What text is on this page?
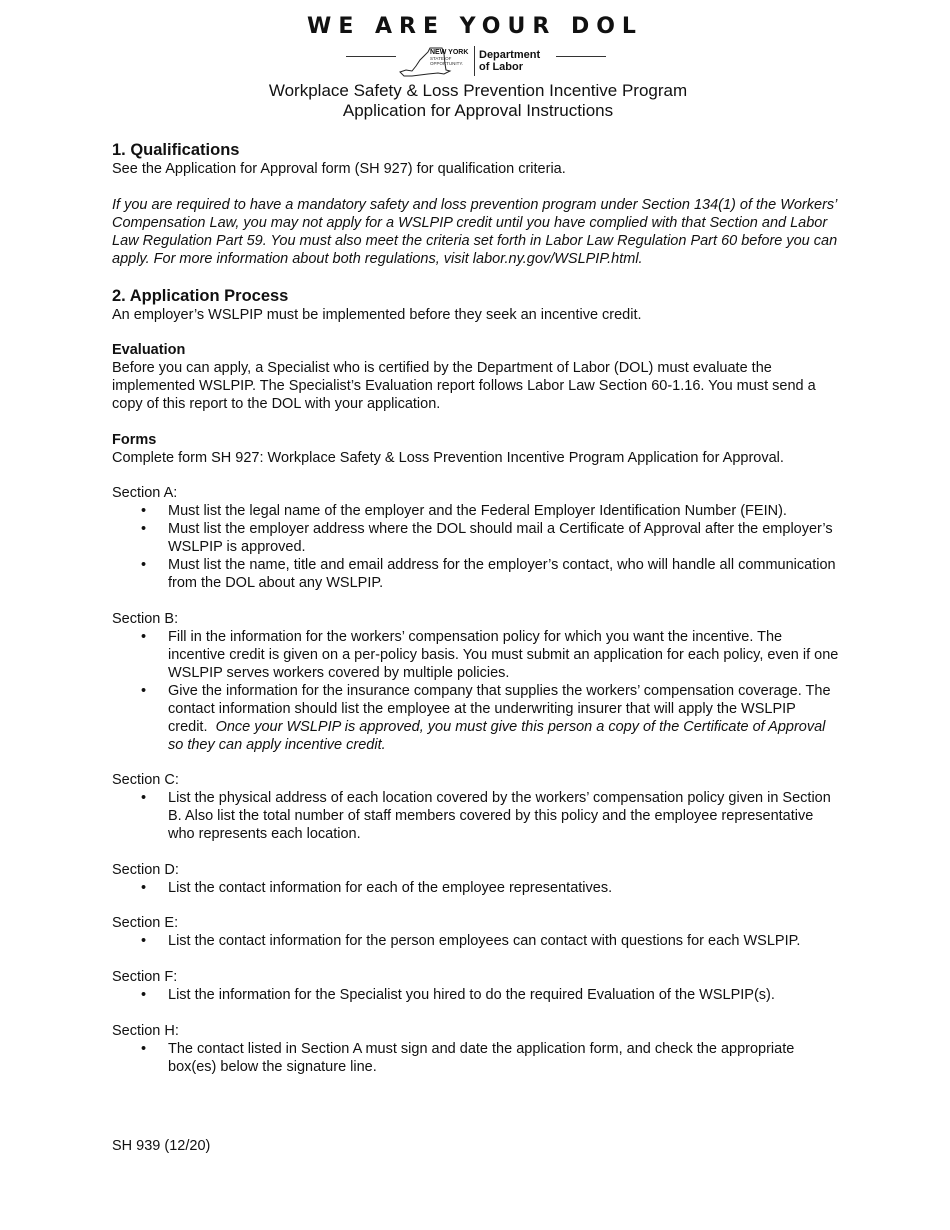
WE ARE YOUR DOL
NEW YORK
STATE OF
OPPORTUNITY.
Department
of Labor
Workplace Safety & Loss Prevention Incentive Program
Application for Approval Instructions
1. Qualifications

See the Application for Approval form (SH 927) for qualification criteria.

If you are required to have a mandatory safety and loss prevention program under Section 134(1) of the Workers’ Compensation Law, you may not apply for a WSLPIP credit until you have complied with that Section and Labor Law Regulation Part 59. You must also meet the criteria set forth in Labor Law Regulation Part 60 before you can apply. For more information about both regulations, visit labor.ny.gov/WSLPIP.html.

2. Application Process

An employer’s WSLPIP must be implemented before they seek an incentive credit.

Evaluation

Before you can apply, a Specialist who is certified by the Department of Labor (DOL) must evaluate the implemented WSLPIP. The Specialist’s Evaluation report follows Labor Law Section 60-1.16. You must send a copy of this report to the DOL with your application.

Forms

Complete form SH 927: Workplace Safety & Loss Prevention Incentive Program Application for Approval.

Section A:

• Must list the legal name of the employer and the Federal Employer Identification Number (FEIN).
• Must list the employer address where the DOL should mail a Certificate of Approval after the employer’s WSLPIP is approved.
• Must list the name, title and email address for the employer’s contact, who will handle all communication from the DOL about any WSLPIP.

Section B:

• Fill in the information for the workers’ compensation policy for which you want the incentive. The incentive credit is given on a per-policy basis. You must submit an application for each policy, even if one WSLPIP serves workers covered by multiple policies.
• Give the information for the insurance company that supplies the workers’ compensation coverage. The contact information should list the employee at the underwriting insurer that will apply the WSLPIP credit. Once your WSLPIP is approved, you must give this person a copy of the Certificate of Approval so they can apply incentive credit.

Section C:

• List the physical address of each location covered by the workers’ compensation policy given in Section B. Also list the total number of staff members covered by this policy and the employee representative who represents each location.

Section D:

• List the contact information for each of the employee representatives.

Section E:

• List the contact information for the person employees can contact with questions for each WSLPIP.

Section F:

• List the information for the Specialist you hired to do the required Evaluation of the WSLPIP(s).

Section H:

• The contact listed in Section A must sign and date the application form, and check the appropriate box(es) below the signature line.
SH 939 (12/20)
